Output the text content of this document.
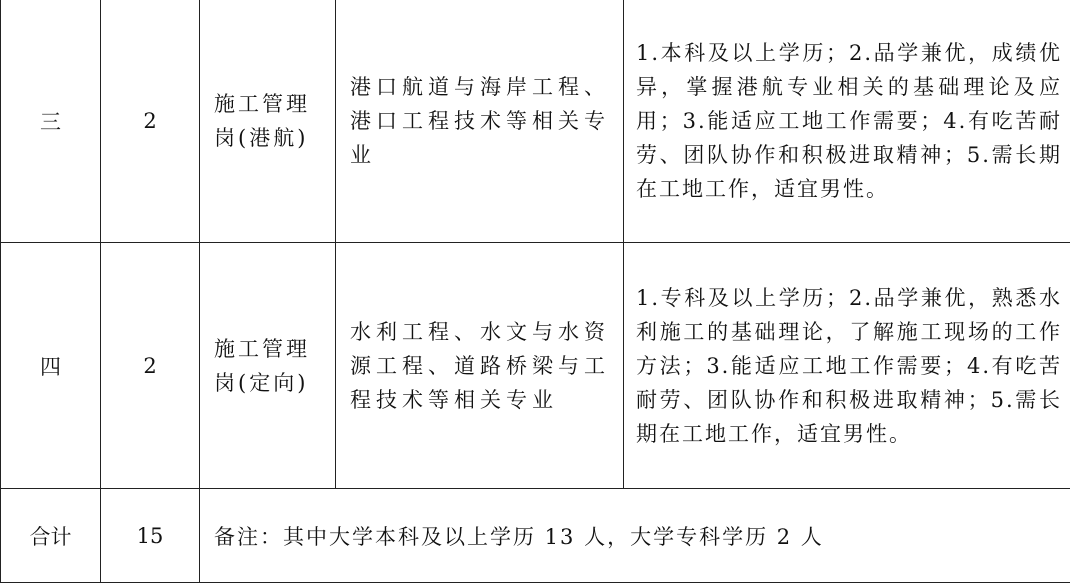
三	2	施工管理岗(港航)	港口航道与海岸工程、港口工程技术等相关专业	1.本科及以上学历；2.品学兼优，成绩优异，掌握港航专业相关的基础理论及应用；3.能适应工地工作需要；4.有吃苦耐劳、团队协作和积极进取精神；5.需长期在工地工作，适宜男性。

四	2	施工管理岗(定向)	水利工程、水文与水资源工程、道路桥梁与工程技术等相关专业	1.专科及以上学历；2.品学兼优，熟悉水利施工的基础理论，了解施工现场的工作方法；3.能适应工地工作需要；4.有吃苦耐劳、团队协作和积极进取精神；5.需长期在工地工作，适宜男性。

合计	15	备注：其中大学本科及以上学历 13 人，大学专科学历 2 人		
